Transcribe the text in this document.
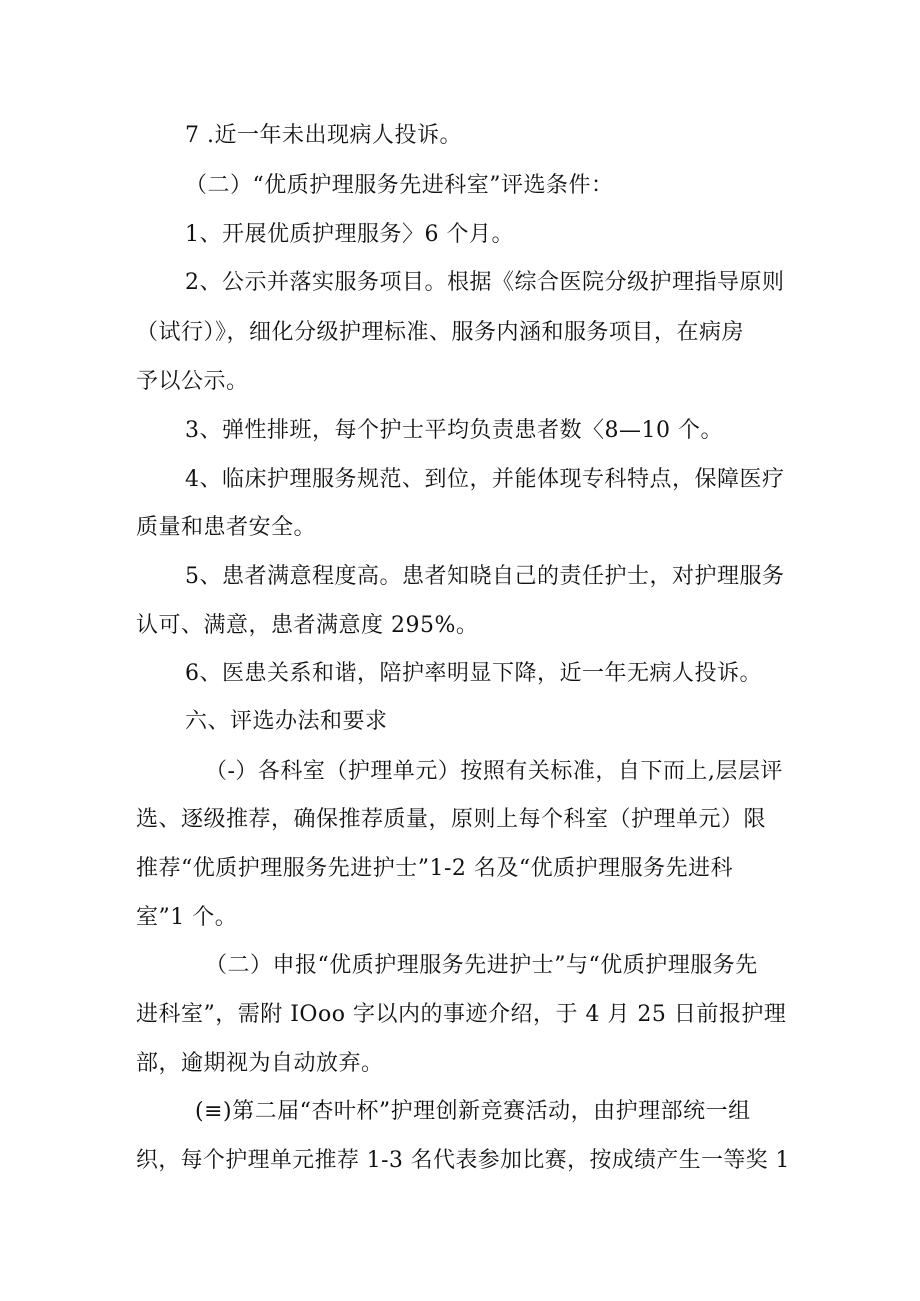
7 .近一年未出现病人投诉。
（二）“优质护理服务先进科室”评选条件：
1、开展优质护理服务〉6 个月。
2、公示并落实服务项目。根据《综合医院分级护理指导原则
（试行）》，细化分级护理标准、服务内涵和服务项目，在病房
予以公示。
3、弹性排班，每个护士平均负责患者数〈8—10 个。
4、临床护理服务规范、到位，并能体现专科特点，保障医疗
质量和患者安全。
5、患者满意程度高。患者知晓自己的责任护士，对护理服务
认可、满意，患者满意度 295%。
6、医患关系和谐，陪护率明显下降，近一年无病人投诉。
六、评选办法和要求
（-）各科室（护理单元）按照有关标准，自下而上,层层评
选、逐级推荐，确保推荐质量，原则上每个科室（护理单元）限
推荐“优质护理服务先进护士”1-2 名及“优质护理服务先进科
室”1 个。
（二）申报“优质护理服务先进护士”与“优质护理服务先
进科室”，需附 IOoo 字以内的事迹介绍，于 4 月 25 日前报护理
部，逾期视为自动放弃。
(≡)第二届“杏叶杯”护理创新竞赛活动，由护理部统一组
织，每个护理单元推荐 1-3 名代表参加比赛，按成绩产生一等奖 1
